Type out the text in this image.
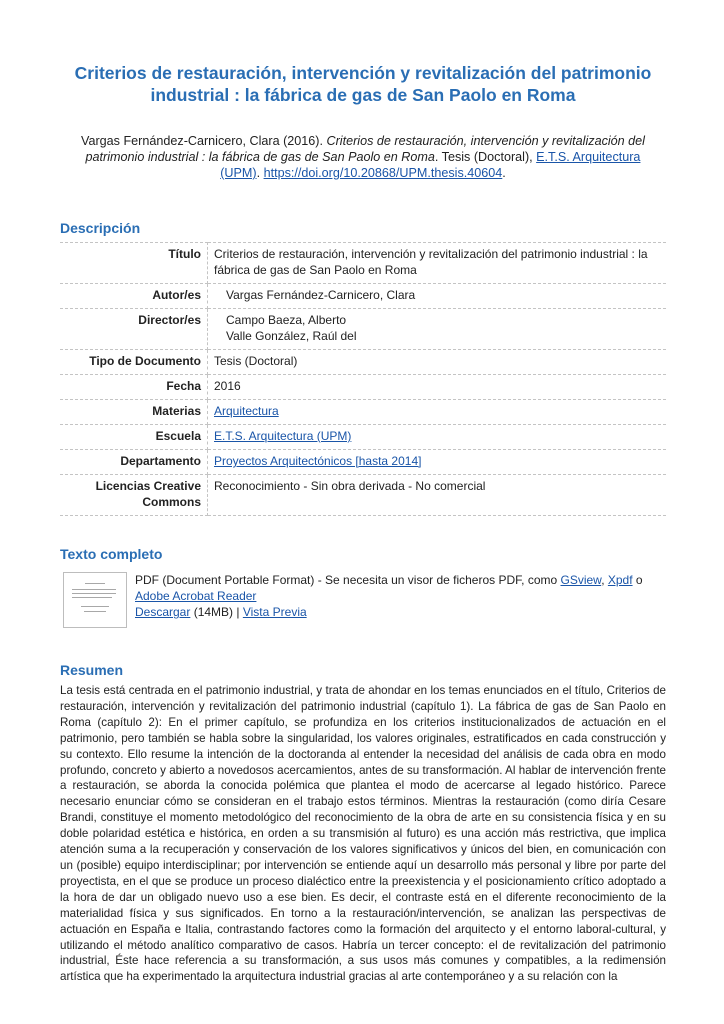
Criterios de restauración, intervención y revitalización del patrimonio industrial : la fábrica de gas de San Paolo en Roma
Vargas Fernández-Carnicero, Clara (2016). Criterios de restauración, intervención y revitalización del patrimonio industrial : la fábrica de gas de San Paolo en Roma. Tesis (Doctoral), E.T.S. Arquitectura (UPM). https://doi.org/10.20868/UPM.thesis.40604.
Descripción
Título	Criterios de restauración, intervención y revitalización del patrimonio industrial : la fábrica de gas de San Paolo en Roma
Autor/es	Vargas Fernández-Carnicero, Clara

Director/es	Campo Baeza, Alberto
Valle González, Raúl del

Tipo de Documento	Tesis (Doctoral)
Fecha	2016
Materias	Arquitectura
Escuela	E.T.S. Arquitectura (UPM)
Departamento	Proyectos Arquitectónicos [hasta 2014]
Licencias Creative Commons	Reconocimiento - Sin obra derivada - No comercial
Texto completo
PDF (Document Portable Format) - Se necesita un visor de ficheros PDF, como GSview, Xpdf o Adobe Acrobat Reader
Descargar (14MB) | Vista Previa
Resumen

La tesis está centrada en el patrimonio industrial, y trata de ahondar en los temas enunciados en el título, Criterios de restauración, intervención y revitalización del patrimonio industrial (capítulo 1). La fábrica de gas de San Paolo en Roma (capítulo 2): En el primer capítulo, se profundiza en los criterios institucionalizados de actuación en el patrimonio, pero también se habla sobre la singularidad, los valores originales, estratificados en cada construcción y su contexto. Ello resume la intención de la doctoranda al entender la necesidad del análisis de cada obra en modo profundo, concreto y abierto a novedosos acercamientos, antes de su transformación. Al hablar de intervención frente a restauración, se aborda la conocida polémica que plantea el modo de acercarse al legado histórico. Parece necesario enunciar cómo se consideran en el trabajo estos términos. Mientras la restauración (como diría Cesare Brandi, constituye el momento metodológico del reconocimiento de la obra de arte en su consistencia física y en su doble polaridad estética e histórica, en orden a su transmisión al futuro) es una acción más restrictiva, que implica atención suma a la recuperación y conservación de los valores significativos y únicos del bien, en comunicación con un (posible) equipo interdisciplinar; por intervención se entiende aquí un desarrollo más personal y libre por parte del proyectista, en el que se produce un proceso dialéctico entre la preexistencia y el posicionamiento crítico adoptado a la hora de dar un obligado nuevo uso a ese bien. Es decir, el contraste está en el diferente reconocimiento de la materialidad física y sus significados. En torno a la restauración/intervención, se analizan las perspectivas de actuación en España e Italia, contrastando factores como la formación del arquitecto y el entorno laboral-cultural, y utilizando el método analítico comparativo de casos. Habría un tercer concepto: el de revitalización del patrimonio industrial, Éste hace referencia a su transformación, a sus usos más comunes y compatibles, a la redimensión artística que ha experimentado la arquitectura industrial gracias al arte contemporáneo y a su relación con la
